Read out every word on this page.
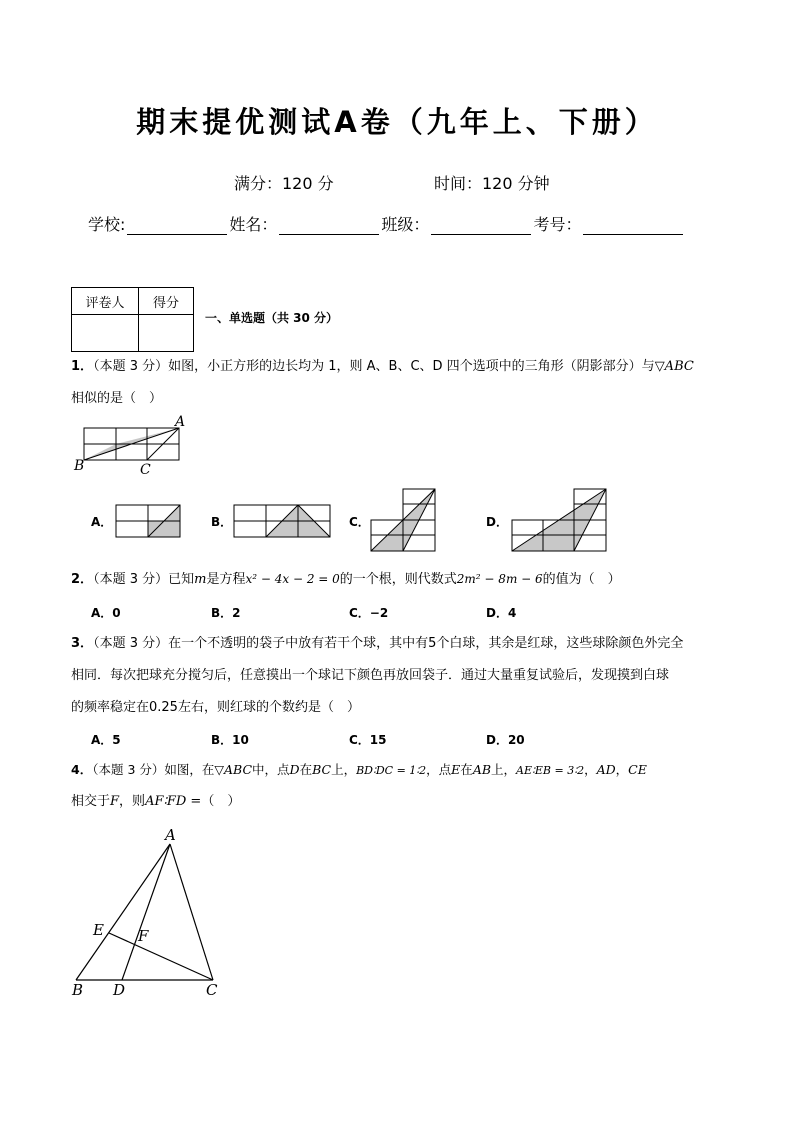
期末提优测试A卷（九年上、下册）
满分：120 分	时间：120 分钟
学校:	姓名：	班级：	考号：
评卷人	得分

一、单选题（共 30 分）
1．（本题 3 分）如图，小正方形的边长均为 1，则 A、B、C、D 四个选项中的三角形（阴影部分）与▽ABC
相似的是（　）
A
B	C
A．	B．	C．	D．
2．（本题 3 分）已知m是方程x² − 4x − 2 = 0的一个根，则代数式2m² − 8m − 6的值为（　）
A．0	B．2	C．−2	D．4
3．（本题 3 分）在一个不透明的袋子中放有若干个球，其中有5个白球，其余是红球，这些球除颜色外完全
相同．每次把球充分搅匀后，任意摸出一个球记下颜色再放回袋子．通过大量重复试验后，发现摸到白球
的频率稳定在0.25左右，则红球的个数约是（　）
A．5	B．10	C．15	D．20
4．（本题 3 分）如图，在▽ABC中，点D在BC上，BD∶DC = 1∶2，点E在AB上，AE∶EB = 3∶2，AD，CE
相交于F，则AF∶FD =（　）
A
B	C
D
E F
